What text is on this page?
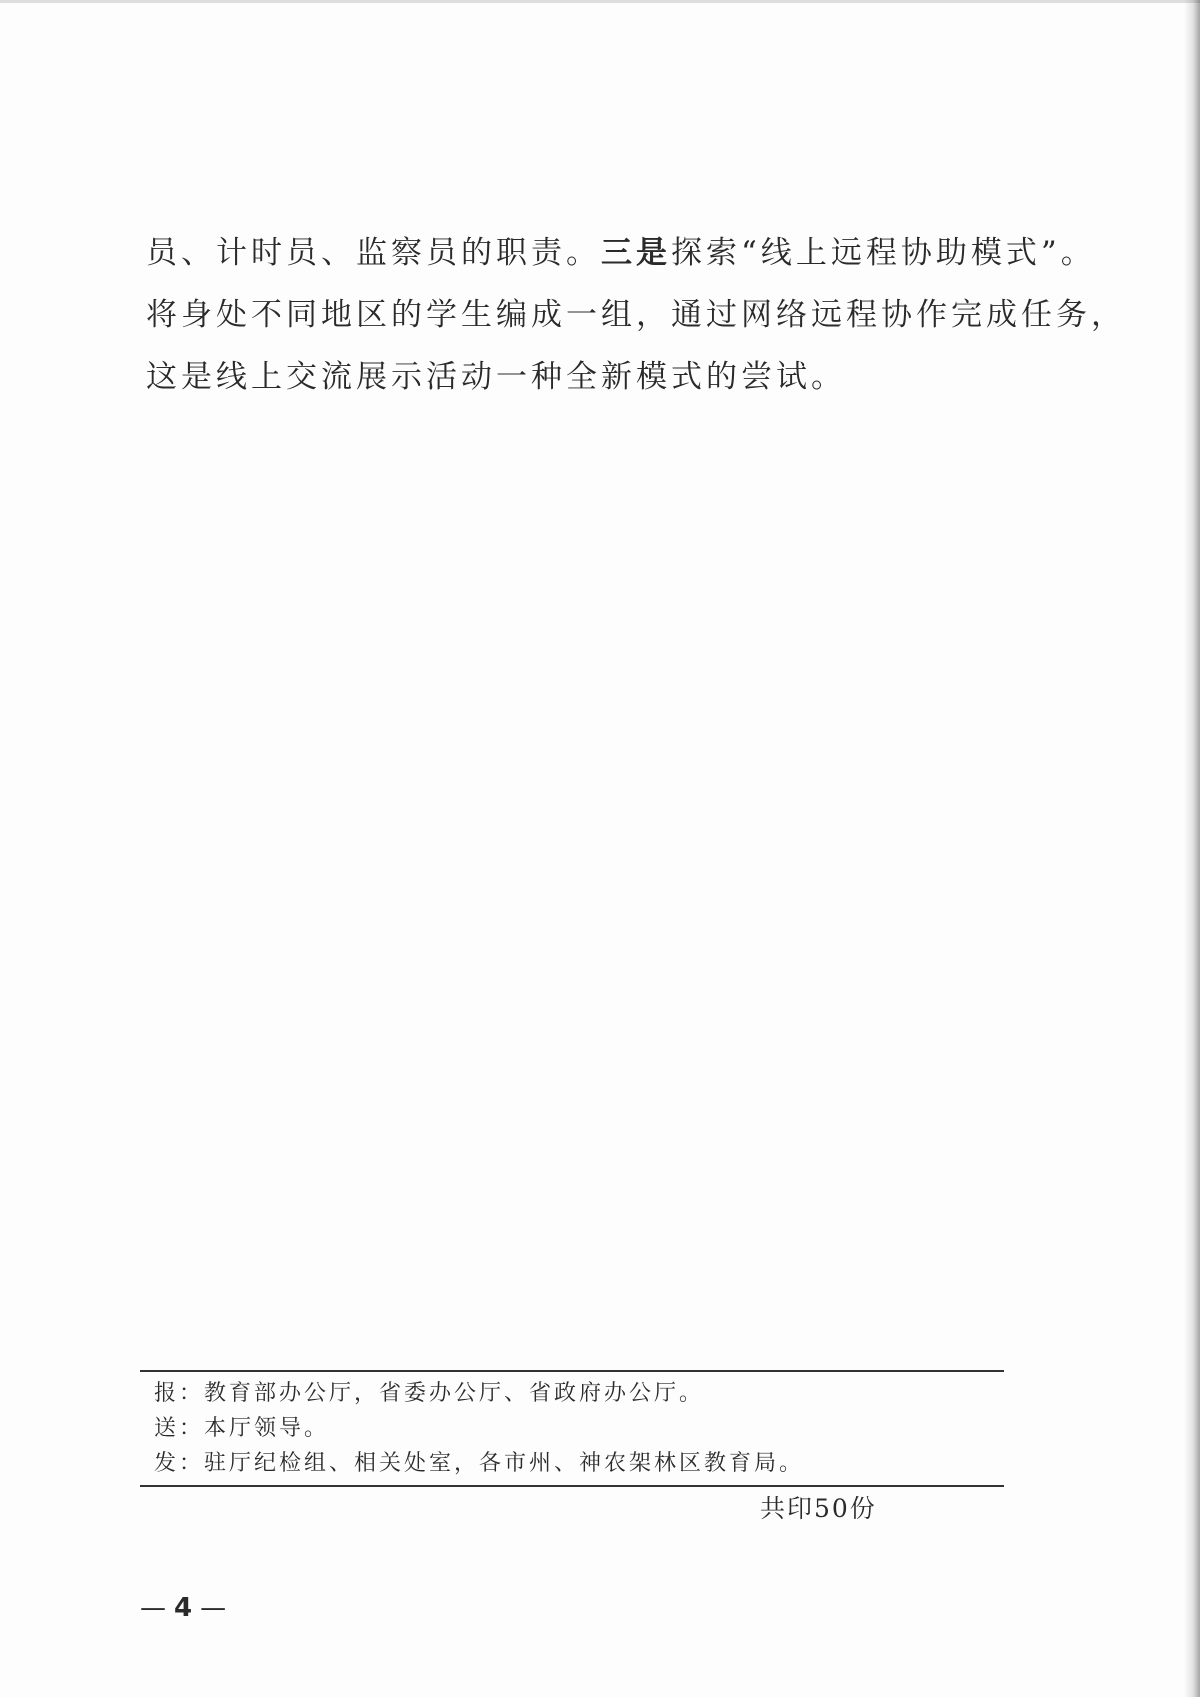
员、计时员、监察员的职责。三是探索“线上远程协助模式”。
将身处不同地区的学生编成一组，通过网络远程协作完成任务，
这是线上交流展示活动一种全新模式的尝试。
报：教育部办公厅，省委办公厅、省政府办公厅。
送：本厅领导。
发：驻厅纪检组、相关处室，各市州、神农架林区教育局。
共印50份
— 4 —
